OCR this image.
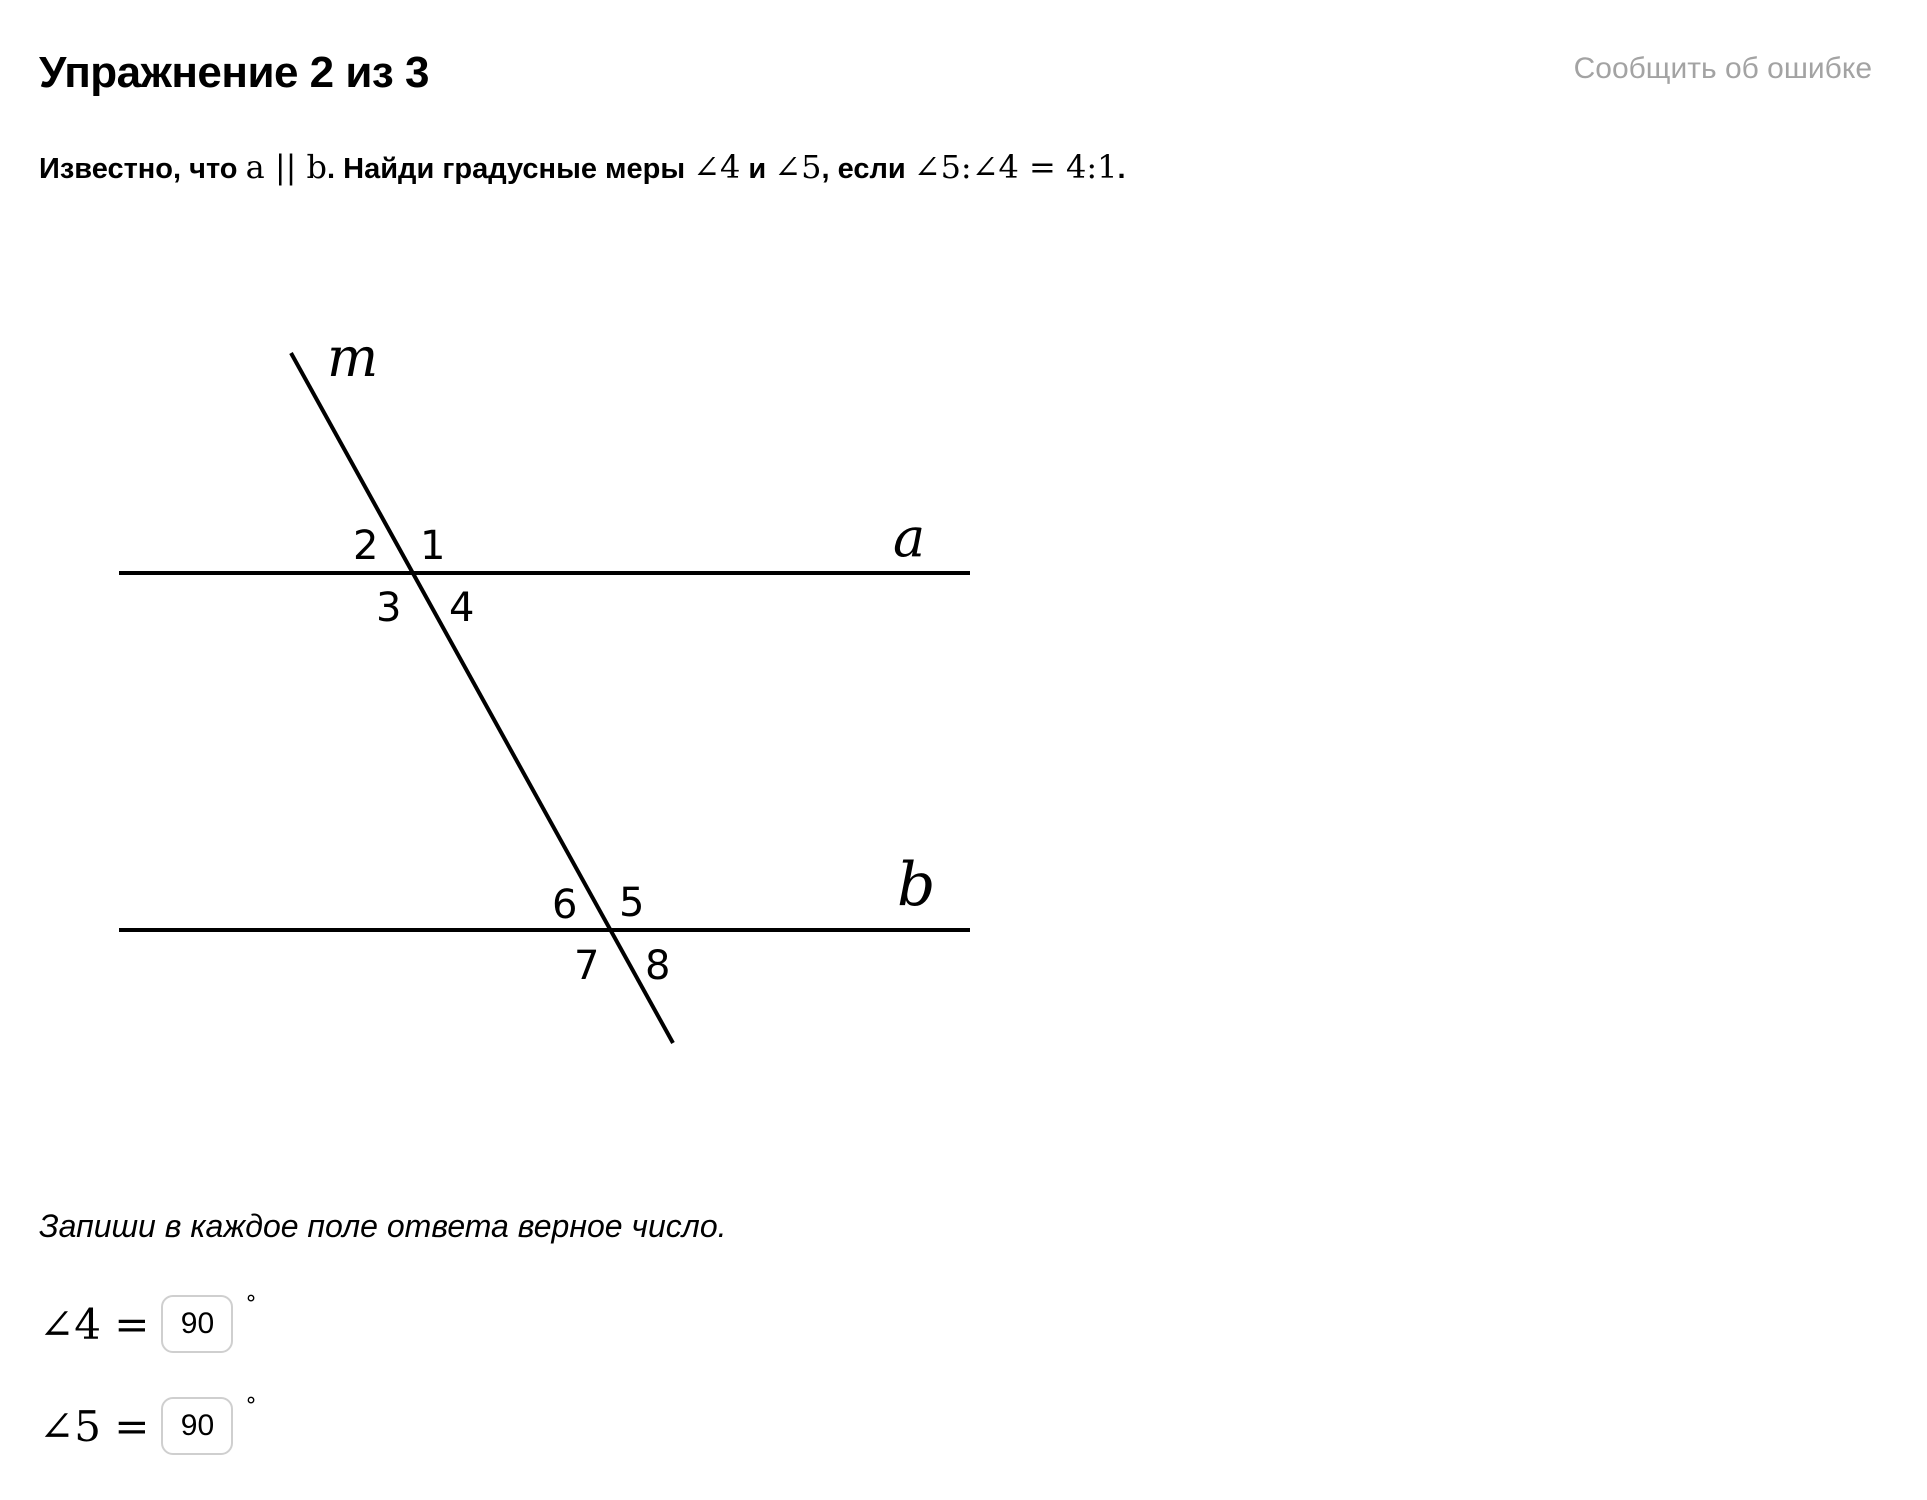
Упражнение 2 из 3	Сообщить об ошибке
Известно, что a || b. Найди градусные меры ∠4 и ∠5, если ∠5:∠4 = 4:1.
m
a
b
1
2
3 4
5
6
7 8
Запиши в каждое поле ответа верное число.
∠4 =
90	°
∠5 =
90	°
